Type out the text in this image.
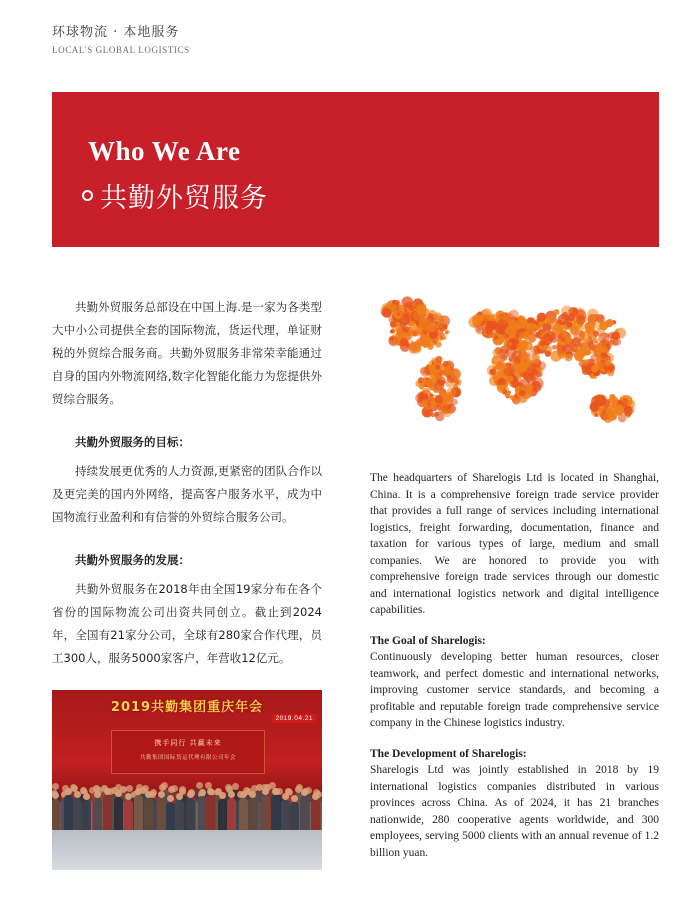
环球物流 · 本地服务
LOCAL'S GLOBAL LOGISTICS
Who We Are
共勤外贸服务

共勤外贸服务总部设在中国上海.是一家为各类型大中小公司提供全套的国际物流，货运代理，单证财税的外贸综合服务商。共勤外贸服务非常荣幸能通过自身的国内外物流网络,数字化智能化能力为您提供外贸综合服务。

共勤外贸服务的目标：

持续发展更优秀的人力资源,更紧密的团队合作以及更完美的国内外网络，提高客户服务水平，成为中国物流行业盈利和有信誉的外贸综合服务公司。

共勤外贸服务的发展：

共勤外贸服务在2018年由全国19家分布在各个省份的国际物流公司出资共同创立。截止到2024年，全国有21家分公司，全球有280家合作代理，员工300人，服务5000家客户，年营收12亿元。

The headquarters of Sharelogis Ltd is located in Shanghai, China. It is a comprehensive foreign trade service provider that provides a full range of services including international logistics, freight forwarding, documentation, finance and taxation for various types of large, medium and small companies. We are honored to provide you with comprehensive foreign trade services through our domestic and international logistics network and digital intelligence capabilities.

The Goal of Sharelogis:

Continuously developing better human resources, closer teamwork, and perfect domestic and international networks, improving customer service standards, and becoming a profitable and reputable foreign trade comprehensive service company in the Chinese logistics industry.

The Development of Sharelogis:

Sharelogis Ltd was jointly established in 2018 by 19 international logistics companies distributed in various provinces across China. As of 2024, it has 21 branches nationwide, 280 cooperative agents worldwide, and 300 employees, serving 5000 clients with an annual revenue of 1.2 billion yuan.

2019共勤集团重庆年会
2019.04.21
携手同行 共赢未来
共勤集团国际货运代理有限公司年会
